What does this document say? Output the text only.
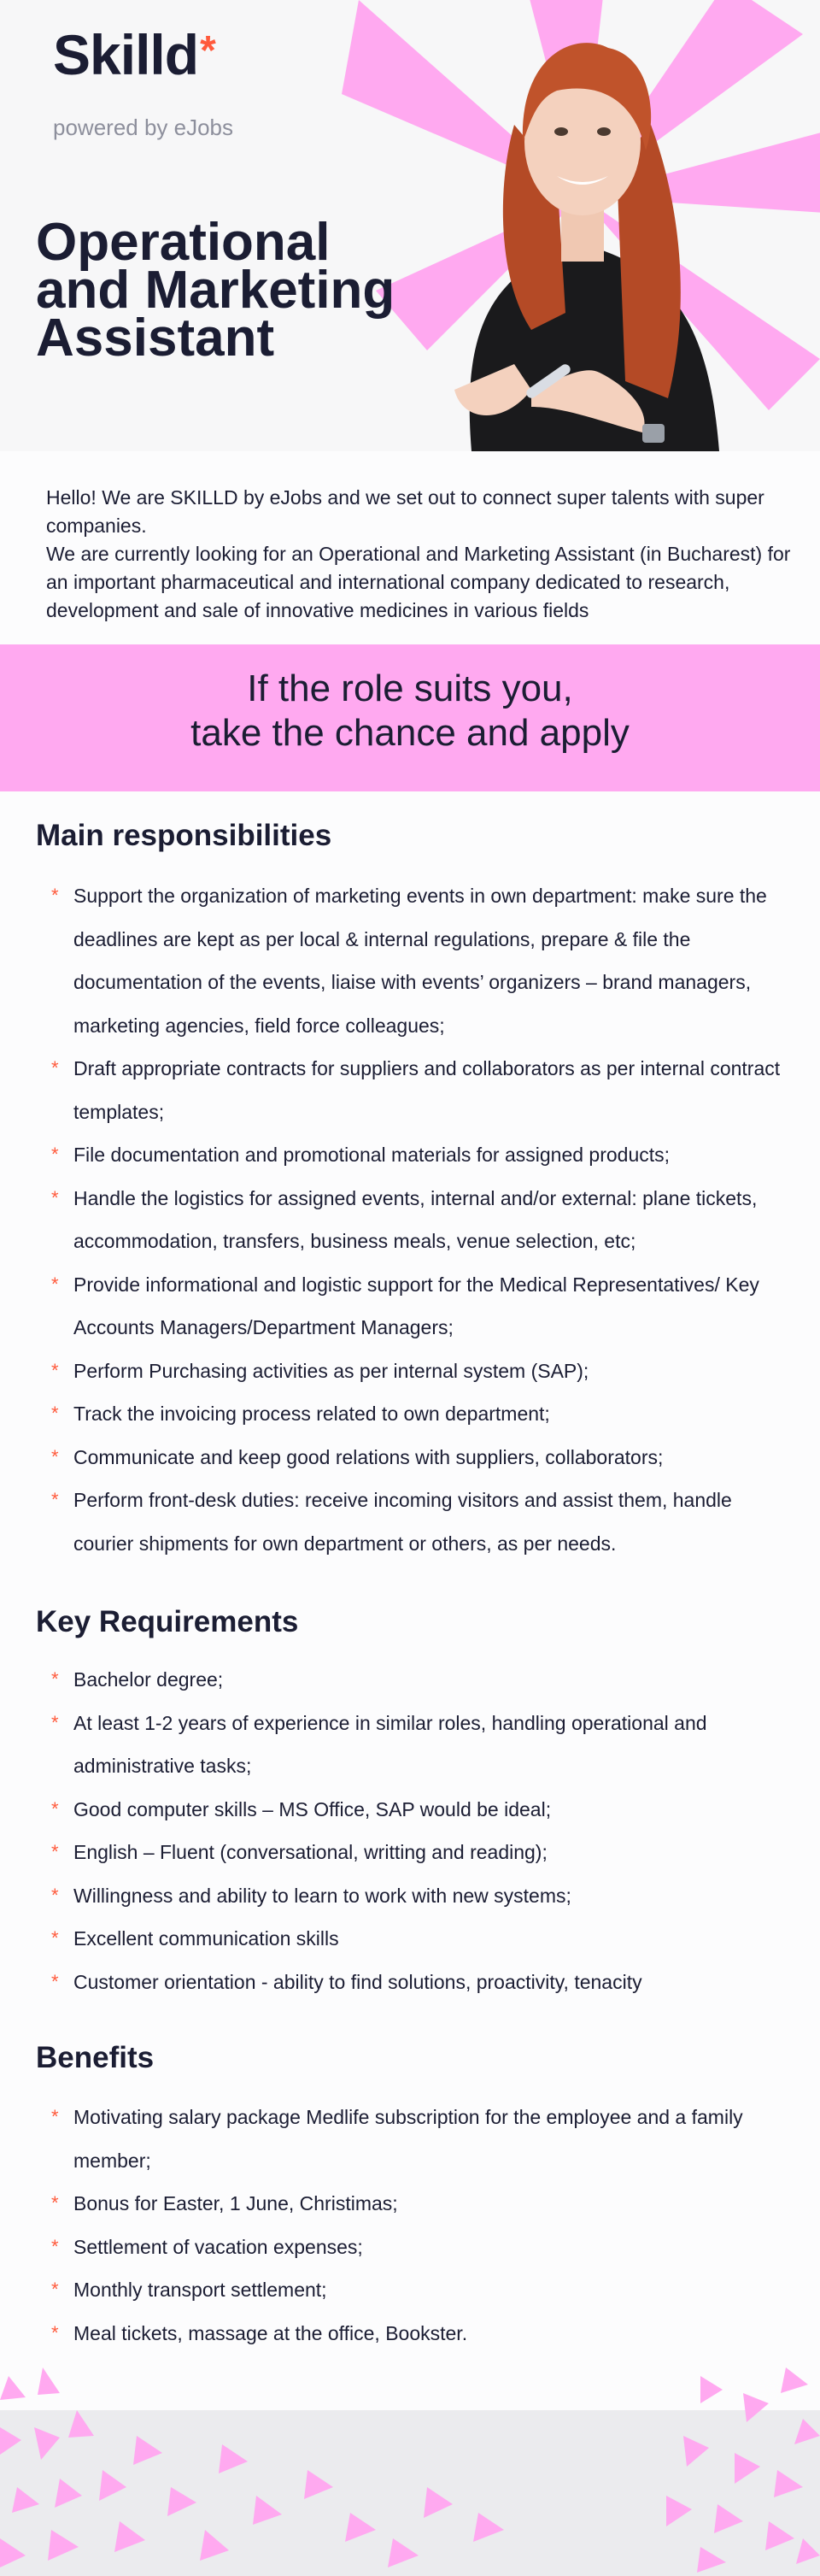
Skilld*
powered by eJobs
Operational
and Marketing
Assistant

Hello! We are SKILLD by eJobs and we set out to connect super talents with super companies.

We are currently looking for an Operational and Marketing Assistant (in Bucharest) for an important pharmaceutical and international company dedicated to research, development and sale of innovative medicines in various fields

If the role suits you,
take the chance and apply
Main responsibilities
* Support the organization of marketing events in own department: make sure the deadlines are kept as per local & internal regulations, prepare & file the documentation of the events, liaise with events’ organizers – brand managers, marketing agencies, field force colleagues;
* Draft appropriate contracts for suppliers and collaborators as per internal contract templates;
* File documentation and promotional materials for assigned products;
* Handle the logistics for assigned events, internal and/or external: plane tickets, accommodation, transfers, business meals, venue selection, etc;
* Provide informational and logistic support for the Medical Representatives/ Key Accounts Managers/Department Managers;
* Perform Purchasing activities as per internal system (SAP);
* Track the invoicing process related to own department;
* Communicate and keep good relations with suppliers, collaborators;
* Perform front-desk duties: receive incoming visitors and assist them, handle courier shipments for own department or others, as per needs.
Key Requirements
* Bachelor degree;
* At least 1-2 years of experience in similar roles, handling operational and administrative tasks;
* Good computer skills – MS Office, SAP would be ideal;
* English – Fluent (conversational, writting and reading);
* Willingness and ability to learn to work with new systems;
* Excellent communication skills
* Customer orientation - ability to find solutions, proactivity, tenacity
Benefits
* Motivating salary package Medlife subscription for the employee and a family member;
* Bonus for Easter, 1 June, Christimas;
* Settlement of vacation expenses;
* Monthly transport settlement;
* Meal tickets, massage at the office, Bookster.
